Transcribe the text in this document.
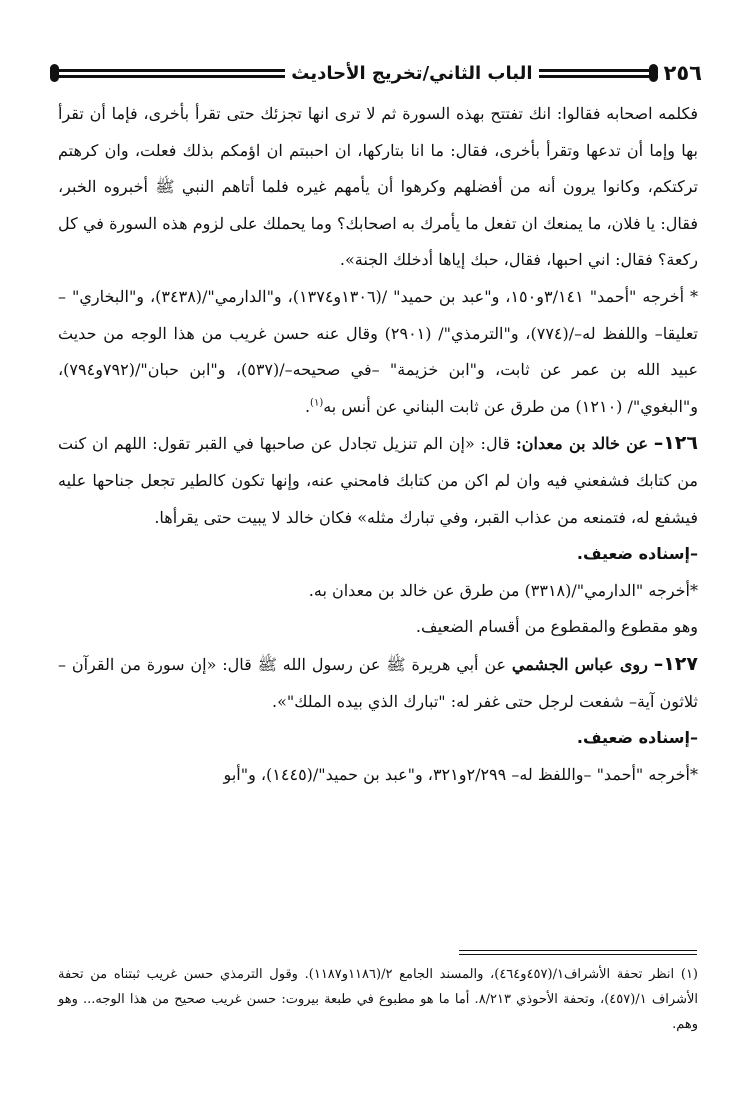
٢٥٦
الباب الثاني/تخريج الأحاديث

فكلمه اصحابه فقالوا: انك تفتتح بهذه السورة ثم لا ترى انها تجزئك حتى تقرأ بأخرى، فإما أن تقرأ بها وإما أن تدعها وتقرأ بأخرى، فقال: ما انا بتاركها، ان احببتم ان اؤمكم بذلك فعلت، وان كرهتم تركتكم، وكانوا يرون أنه من أفضلهم وكرهوا أن يأمهم غيره فلما أتاهم النبي ﷺ أخبروه الخبر، فقال: يا فلان، ما يمنعك ان تفعل ما يأمرك به اصحابك؟ وما يحملك على لزوم هذه السورة في كل ركعة؟ فقال: اني احبها، فقال، حبك إياها أدخلك الجنة».

* أخرجه "أحمد" ٣/١٤١و١٥٠، و"عبد بن حميد" /(١٣٠٦و١٣٧٤)، و"الدارمي"/(٣٤٣٨)، و"البخاري" –تعليقا– واللفظ له–/(٧٧٤)، و"الترمذي"/ (٢٩٠١) وقال عنه حسن غريب من هذا الوجه من حديث عبيد الله بن عمر عن ثابت، و"ابن خزيمة" –في صحيحه–/(٥٣٧)، و"ابن حبان"/(٧٩٢و٧٩٤)، و"البغوي"/ (١٢١٠) من طرق عن ثابت البناني عن أنس به$^{(١)}$.

١٢٦– عن خالد بن معدان: قال: «إن الم تنزيل تجادل عن صاحبها في القبر تقول: اللهم ان كنت من كتابك فشفعني فيه وان لم اكن من كتابك فامحني عنه، وإنها تكون كالطير تجعل جناحها عليه فيشفع له، فتمنعه من عذاب القبر، وفي تبارك مثله» فكان خالد لا يبيت حتى يقرأها.

–إسناده ضعيف.

*أخرجه "الدارمي"/(٣٣١٨) من طرق عن خالد بن معدان به.

وهو مقطوع والمقطوع من أقسام الضعيف.

١٢٧– روى عباس الجشمي عن أبي هريرة ﷺ عن رسول الله ﷺ قال: «إن سورة من القرآن –ثلاثون آية– شفعت لرجل حتى غفر له: "تبارك الذي بيده الملك"».

–إسناده ضعيف.

*أخرجه "أحمد" –واللفظ له– ٢/٢٩٩و٣٢١، و"عبد بن حميد"/(١٤٤٥)، و"أبو

(١) انظر تحفة الأشراف١/(٤٥٧و٤٦٤)، والمسند الجامع ٢/(١١٨٦و١١٨٧). وقول الترمذي حسن غريب ثبتناه من تحفة الأشراف ١/(٤٥٧)، وتحفة الأحوذي ٨/٢١٣. أما ما هو مطبوع في طبعة بيروت: حسن غريب صحيح من هذا الوجه... وهو وهم.
